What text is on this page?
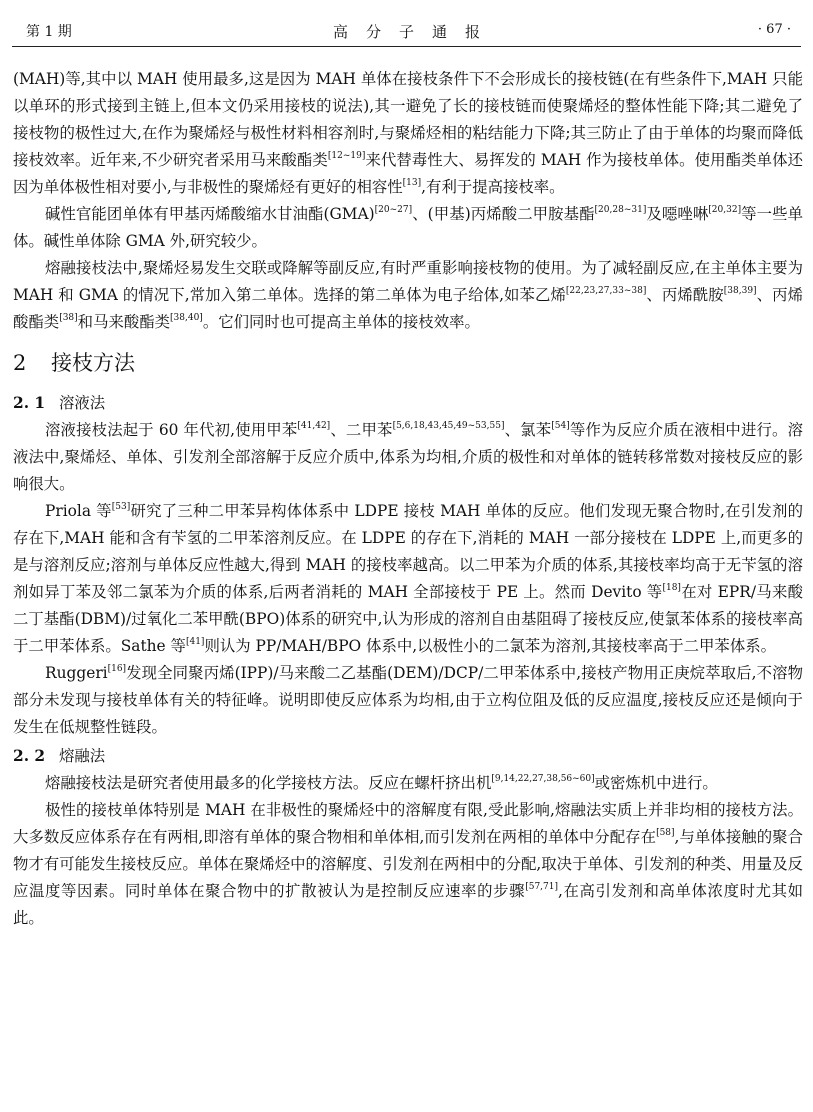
第 1 期	高分子通报	· 67 ·

(MAH)等,其中以 MAH 使用最多,这是因为 MAH 单体在接枝条件下不会形成长的接枝链(在有些条件下,MAH 只能以单环的形式接到主链上,但本文仍采用接枝的说法),其一避免了长的接枝链而使聚烯烃的整体性能下降;其二避免了接枝物的极性过大,在作为聚烯烃与极性材料相容剂时,与聚烯烃相的粘结能力下降;其三防止了由于单体的均聚而降低接枝效率。近年来,不少研究者采用马来酸酯类[12~19]来代替毒性大、易挥发的 MAH 作为接枝单体。使用酯类单体还因为单体极性相对要小,与非极性的聚烯烃有更好的相容性[13],有利于提高接枝率。

碱性官能团单体有甲基丙烯酸缩水甘油酯(GMA)[20~27]、(甲基)丙烯酸二甲胺基酯[20,28~31]及噁唑啉[20,32]等一些单体。碱性单体除 GMA 外,研究较少。

熔融接枝法中,聚烯烃易发生交联或降解等副反应,有时严重影响接枝物的使用。为了减轻副反应,在主单体主要为 MAH 和 GMA 的情况下,常加入第二单体。选择的第二单体为电子给体,如苯乙烯[22,23,27,33~38]、丙烯酰胺[38,39]、丙烯酸酯类[38]和马来酸酯类[38,40]。它们同时也可提高主单体的接枝效率。

2 接枝方法
2. 1 溶液法

溶液接枝法起于 60 年代初,使用甲苯[41,42]、二甲苯[5,6,18,43,45,49~53,55]、氯苯[54]等作为反应介质在液相中进行。溶液法中,聚烯烃、单体、引发剂全部溶解于反应介质中,体系为均相,介质的极性和对单体的链转移常数对接枝反应的影响很大。

Priola 等[53]研究了三种二甲苯异构体体系中 LDPE 接枝 MAH 单体的反应。他们发现无聚合物时,在引发剂的存在下,MAH 能和含有苄氢的二甲苯溶剂反应。在 LDPE 的存在下,消耗的 MAH 一部分接枝在 LDPE 上,而更多的是与溶剂反应;溶剂与单体反应性越大,得到 MAH 的接枝率越高。以二甲苯为介质的体系,其接枝率均高于无苄氢的溶剂如异丁苯及邻二氯苯为介质的体系,后两者消耗的 MAH 全部接枝于 PE 上。然而 Devito 等[18]在对 EPR/马来酸二丁基酯(DBM)/过氧化二苯甲酰(BPO)体系的研究中,认为形成的溶剂自由基阻碍了接枝反应,使氯苯体系的接枝率高于二甲苯体系。Sathe 等[41]则认为 PP/MAH/BPO 体系中,以极性小的二氯苯为溶剂,其接枝率高于二甲苯体系。

Ruggeri[16]发现全同聚丙烯(IPP)/马来酸二乙基酯(DEM)/DCP/二甲苯体系中,接枝产物用正庚烷萃取后,不溶物部分未发现与接枝单体有关的特征峰。说明即使反应体系为均相,由于立构位阻及低的反应温度,接枝反应还是倾向于发生在低规整性链段。

2. 2 熔融法

熔融接枝法是研究者使用最多的化学接枝方法。反应在螺杆挤出机[9,14,22,27,38,56~60]或密炼机中进行。

极性的接枝单体特别是 MAH 在非极性的聚烯烃中的溶解度有限,受此影响,熔融法实质上并非均相的接枝方法。大多数反应体系存在有两相,即溶有单体的聚合物相和单体相,而引发剂在两相的单体中分配存在[58],与单体接触的聚合物才有可能发生接枝反应。单体在聚烯烃中的溶解度、引发剂在两相中的分配,取决于单体、引发剂的种类、用量及反应温度等因素。同时单体在聚合物中的扩散被认为是控制反应速率的步骤[57,71],在高引发剂和高单体浓度时尤其如此。
